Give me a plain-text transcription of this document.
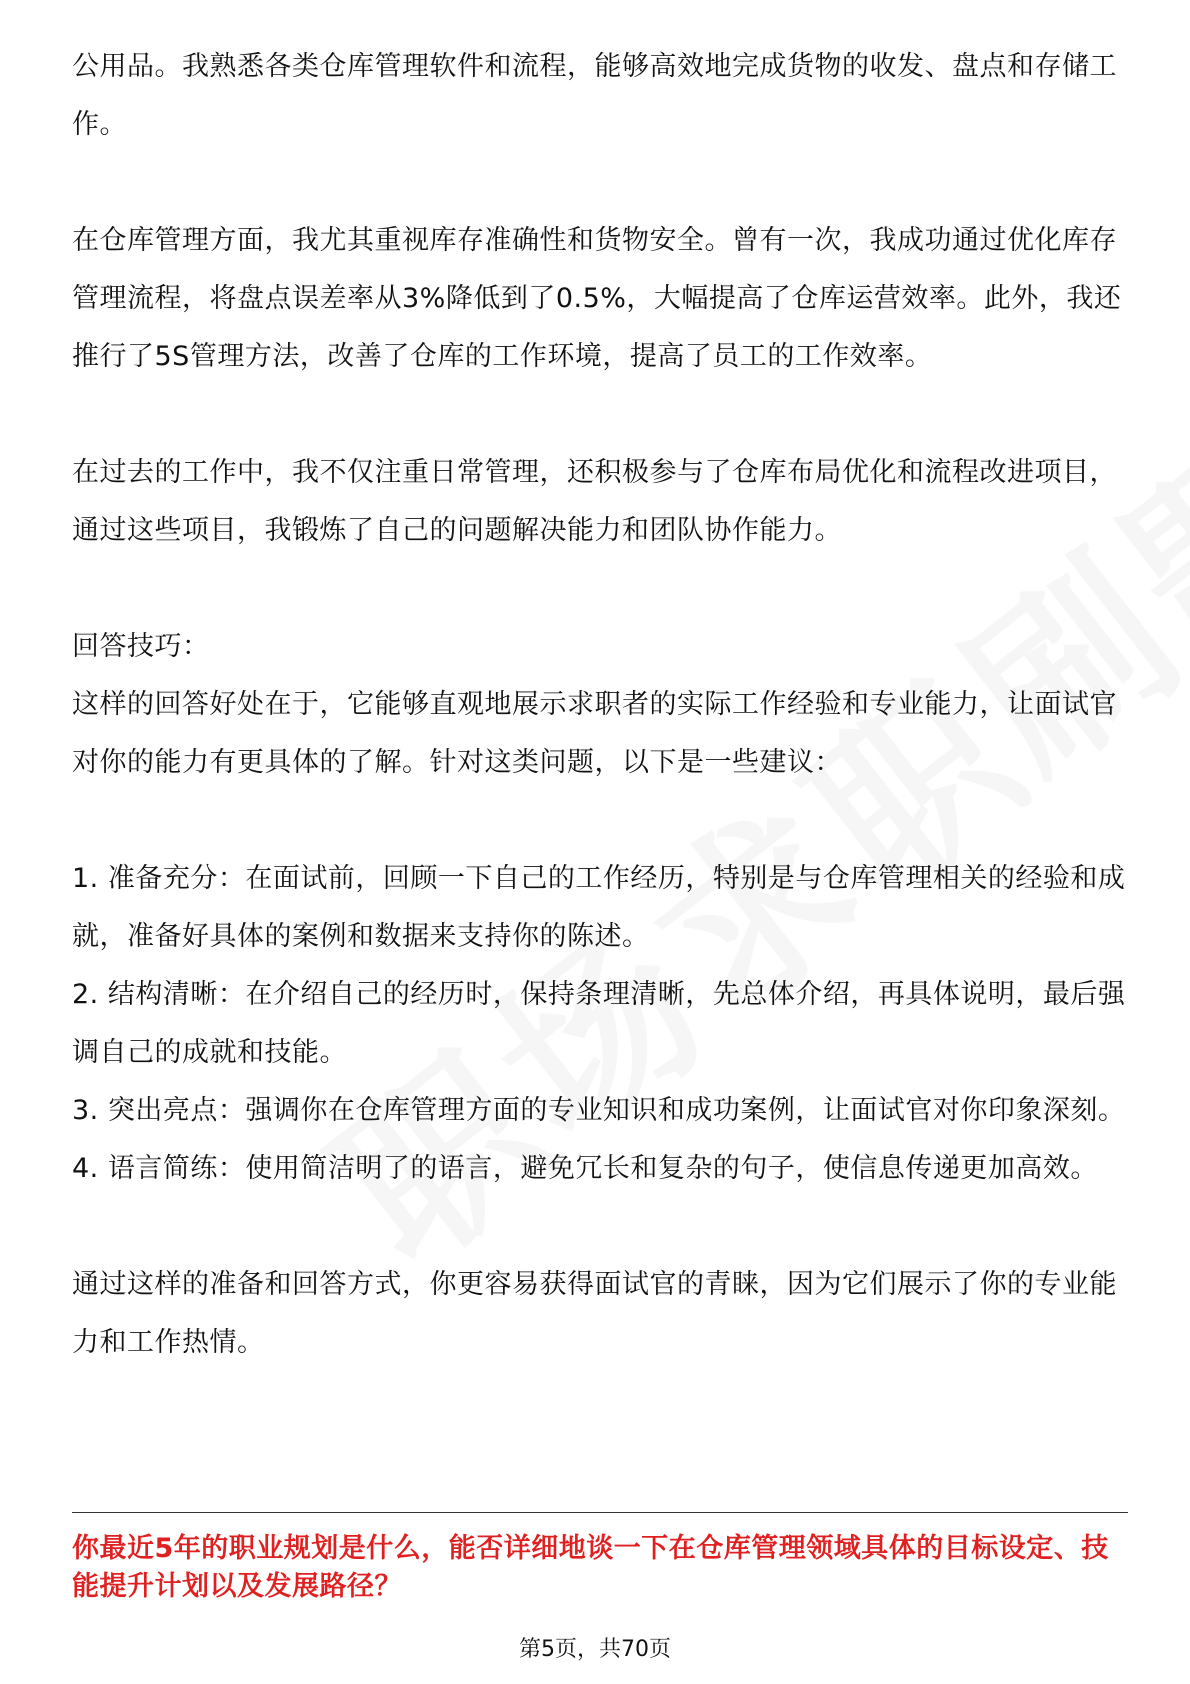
公用品。我熟悉各类仓库管理软件和流程，能够高效地完成货物的收发、盘点和存储工作。

在仓库管理方面，我尤其重视库存准确性和货物安全。曾有一次，我成功通过优化库存管理流程，将盘点误差率从3%降低到了0.5%，大幅提高了仓库运营效率。此外，我还推行了5S管理方法，改善了仓库的工作环境，提高了员工的工作效率。

在过去的工作中，我不仅注重日常管理，还积极参与了仓库布局优化和流程改进项目，通过这些项目，我锻炼了自己的问题解决能力和团队协作能力。

回答技巧：

这样的回答好处在于，它能够直观地展示求职者的实际工作经验和专业能力，让面试官对你的能力有更具体的了解。针对这类问题，以下是一些建议：

1. 准备充分：在面试前，回顾一下自己的工作经历，特别是与仓库管理相关的经验和成就，准备好具体的案例和数据来支持你的陈述。

2. 结构清晰：在介绍自己的经历时，保持条理清晰，先总体介绍，再具体说明，最后强调自己的成就和技能。

3. 突出亮点：强调你在仓库管理方面的专业知识和成功案例，让面试官对你印象深刻。

4. 语言简练：使用简洁明了的语言，避免冗长和复杂的句子，使信息传递更加高效。

通过这样的准备和回答方式，你更容易获得面试官的青睐，因为它们展示了你的专业能力和工作热情。

你最近5年的职业规划是什么，能否详细地谈一下在仓库管理领域具体的目标设定、技能提升计划以及发展路径？

第5页，共70页
